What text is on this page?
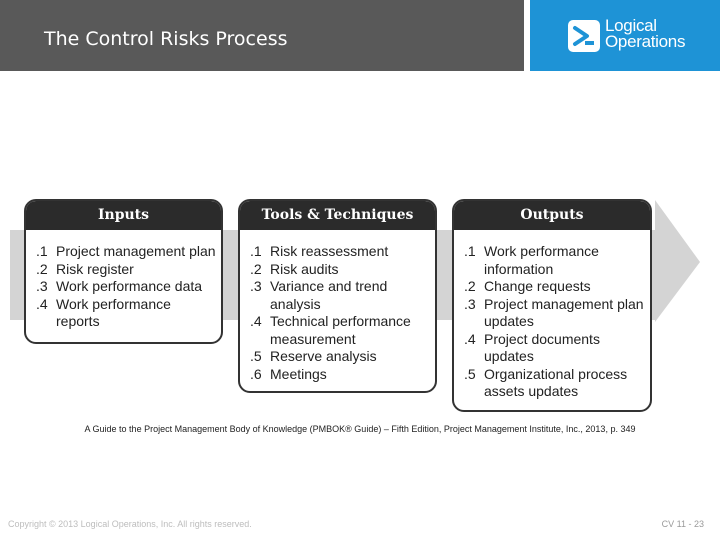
The Control Risks Process
Logical
Operations
Inputs
.1 Project management plan
.2 Risk register
.3 Work performance data
.4 Work performance reports
Tools & Techniques
.1 Risk reassessment
.2 Risk audits
.3 Variance and trend analysis
.4 Technical performance measurement
.5 Reserve analysis
.6 Meetings
Outputs
.1 Work performance information
.2 Change requests
.3 Project management plan updates
.4 Project documents updates
.5 Organizational process assets updates
A Guide to the Project Management Body of Knowledge (PMBOK® Guide) – Fifth Edition, Project Management Institute, Inc., 2013, p. 349
Copyright © 2013 Logical Operations, Inc. All rights reserved.	CV 11 - 23
